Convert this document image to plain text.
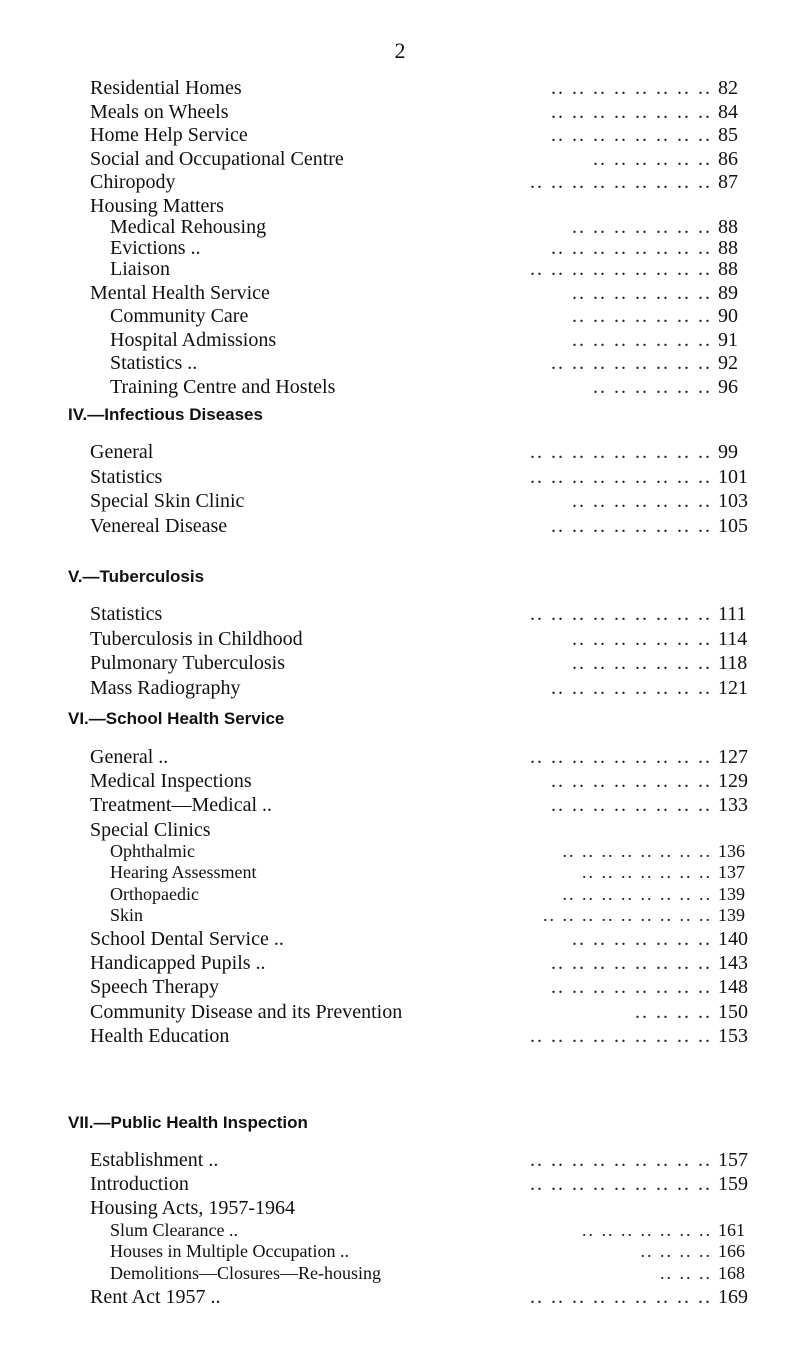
2
Residential Homes	.. .. .. .. .. .. .. .. 82
Meals on Wheels	.. .. .. .. .. .. .. .. 84
Home Help Service	.. .. .. .. .. .. .. .. 85
Social and Occupational Centre	.. .. .. .. .. .. 86
Chiropody	.. .. .. .. .. .. .. .. .. 87
Housing Matters
Medical Rehousing	.. .. .. .. .. .. .. 88
Evictions ..	.. .. .. .. .. .. .. .. 88
Liaison	.. .. .. .. .. .. .. .. .. 88
Mental Health Service	.. .. .. .. .. .. .. 89
Community Care	.. .. .. .. .. .. .. 90
Hospital Admissions	.. .. .. .. .. .. .. 91
Statistics ..	.. .. .. .. .. .. .. .. 92
Training Centre and Hostels	.. .. .. .. .. .. 96
IV.—Infectious Diseases
General	.. .. .. .. .. .. .. .. .. 99
Statistics	.. .. .. .. .. .. .. .. .. 101
Special Skin Clinic	.. .. .. .. .. .. .. 103
Venereal Disease	.. .. .. .. .. .. .. .. 105
V.—Tuberculosis
Statistics	.. .. .. .. .. .. .. .. .. 111
Tuberculosis in Childhood	.. .. .. .. .. .. .. 114
Pulmonary Tuberculosis	.. .. .. .. .. .. .. 118
Mass Radiography	.. .. .. .. .. .. .. .. 121
VI.—School Health Service
General ..	.. .. .. .. .. .. .. .. .. 127
Medical Inspections	.. .. .. .. .. .. .. .. 129
Treatment—Medical ..	.. .. .. .. .. .. .. .. 133
Special Clinics
Ophthalmic	.. .. .. .. .. .. .. .. 136
Hearing Assessment	.. .. .. .. .. .. .. 137
Orthopaedic	.. .. .. .. .. .. .. .. 139
Skin	.. .. .. .. .. .. .. .. .. 139
School Dental Service ..	.. .. .. .. .. .. .. 140
Handicapped Pupils ..	.. .. .. .. .. .. .. .. 143
Speech Therapy	.. .. .. .. .. .. .. .. 148
Community Disease and its Prevention	.. .. .. .. 150
Health Education	.. .. .. .. .. .. .. .. .. 153
VII.—Public Health Inspection
Establishment ..	.. .. .. .. .. .. .. .. .. 157
Introduction	.. .. .. .. .. .. .. .. .. 159
Housing Acts, 1957-1964
Slum Clearance ..	.. .. .. .. .. .. .. 161
Houses in Multiple Occupation ..	.. .. .. .. 166
Demolitions—Closures—Re-housing	.. .. .. 168
Rent Act 1957 ..	.. .. .. .. .. .. .. .. .. 169
